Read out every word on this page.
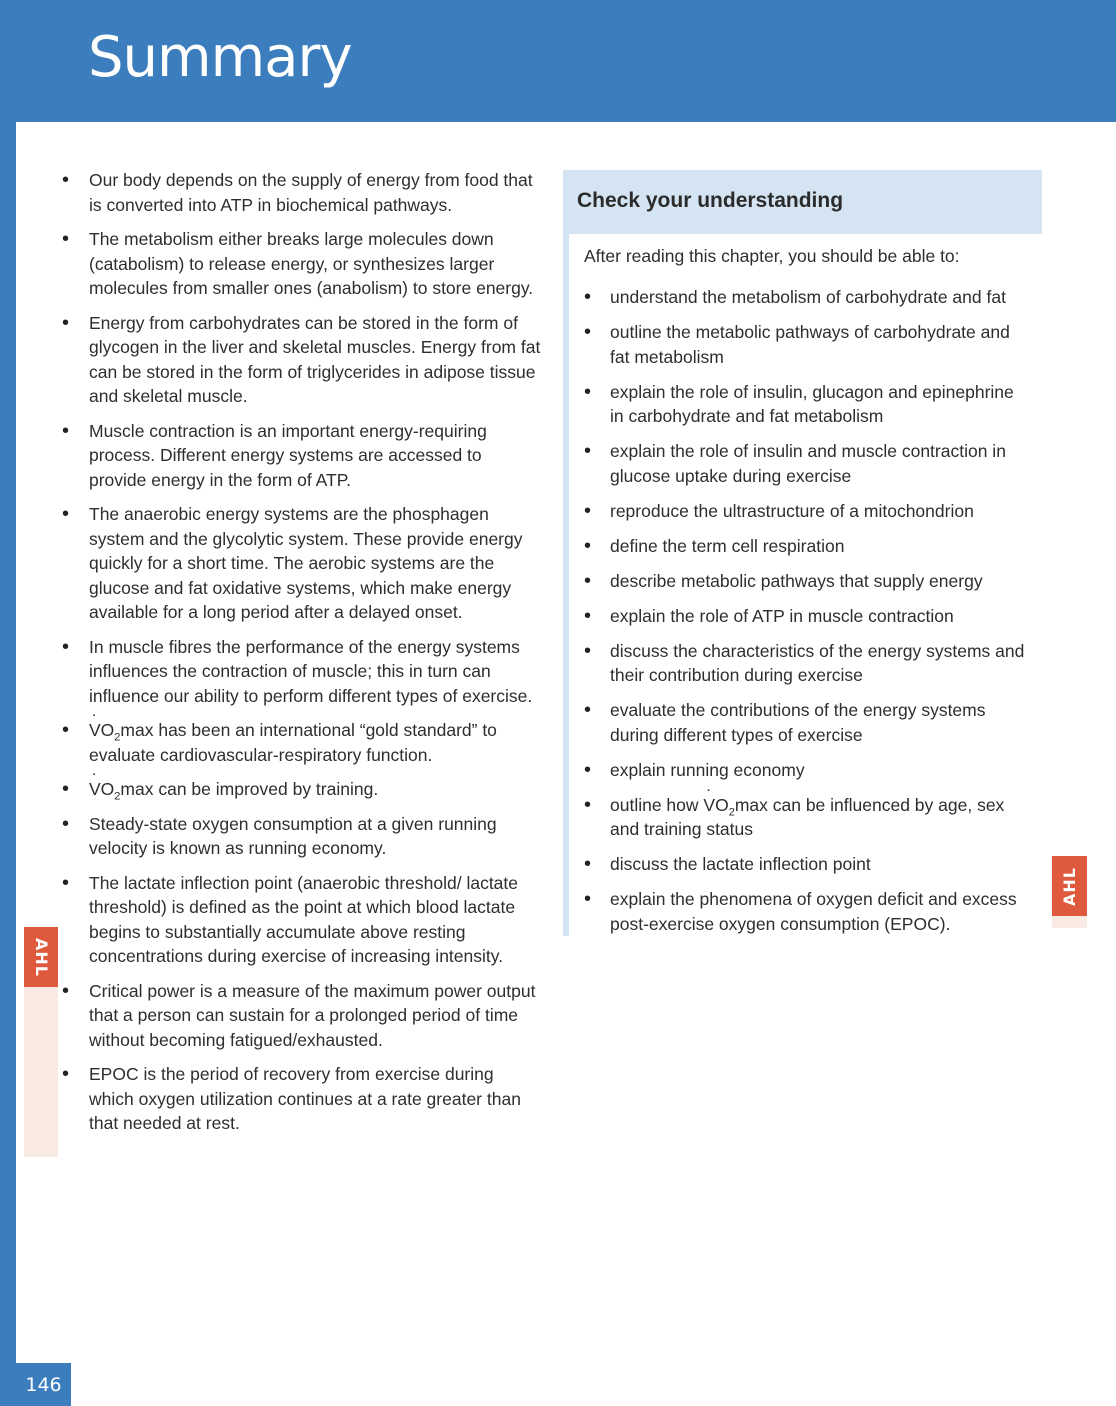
Summary
146
AHL
• Our body depends on the supply of energy from food that is converted into ATP in biochemical pathways.
• The metabolism either breaks large molecules down (catabolism) to release energy, or synthesizes larger molecules from smaller ones (anabolism) to store energy.
• Energy from carbohydrates can be stored in the form of glycogen in the liver and skeletal muscles. Energy from fat can be stored in the form of triglycerides in adipose tissue and skeletal muscle.
• Muscle contraction is an important energy-requiring process. Different energy systems are accessed to provide energy in the form of ATP.
• The anaerobic energy systems are the phosphagen system and the glycolytic system. These provide energy quickly for a short time. The aerobic systems are the glucose and fat oxidative systems, which make energy available for a long period after a delayed onset.
• In muscle fibres the performance of the energy systems influences the contraction of muscle; this in turn can influence our ability to perform different types of exercise.
• VO $˙_2\max$ has been an international “gold standard” to evaluate cardiovascular-respiratory function.
• VO $˙_2\max$ can be improved by training.
• Steady-state oxygen consumption at a given running velocity is known as running economy.
• The lactate inflection point (anaerobic threshold/ lactate threshold) is defined as the point at which blood lactate begins to substantially accumulate above resting concentrations during exercise of increasing intensity.
• Critical power is a measure of the maximum power output that a person can sustain for a prolonged period of time without becoming fatigued/exhausted.
• EPOC is the period of recovery from exercise during which oxygen utilization continues at a rate greater than that needed at rest.
Check your understanding
After reading this chapter, you should be able to:
• understand the metabolism of carbohydrate and fat
• outline the metabolic pathways of carbohydrate and fat metabolism
• explain the role of insulin, glucagon and epinephrine in carbohydrate and fat metabolism
• explain the role of insulin and muscle contraction in glucose uptake during exercise
• reproduce the ultrastructure of a mitochondrion
• define the term cell respiration
• describe metabolic pathways that supply energy
• explain the role of ATP in muscle contraction
• discuss the characteristics of the energy systems and their contribution during exercise
• evaluate the contributions of the energy systems during different types of exercise
• explain running economy
• outline how VO $˙_2\max$ can be influenced by age, sex and training status
• discuss the lactate inflection point
• explain the phenomena of oxygen deficit and excess post-exercise oxygen consumption (EPOC).
AHL
